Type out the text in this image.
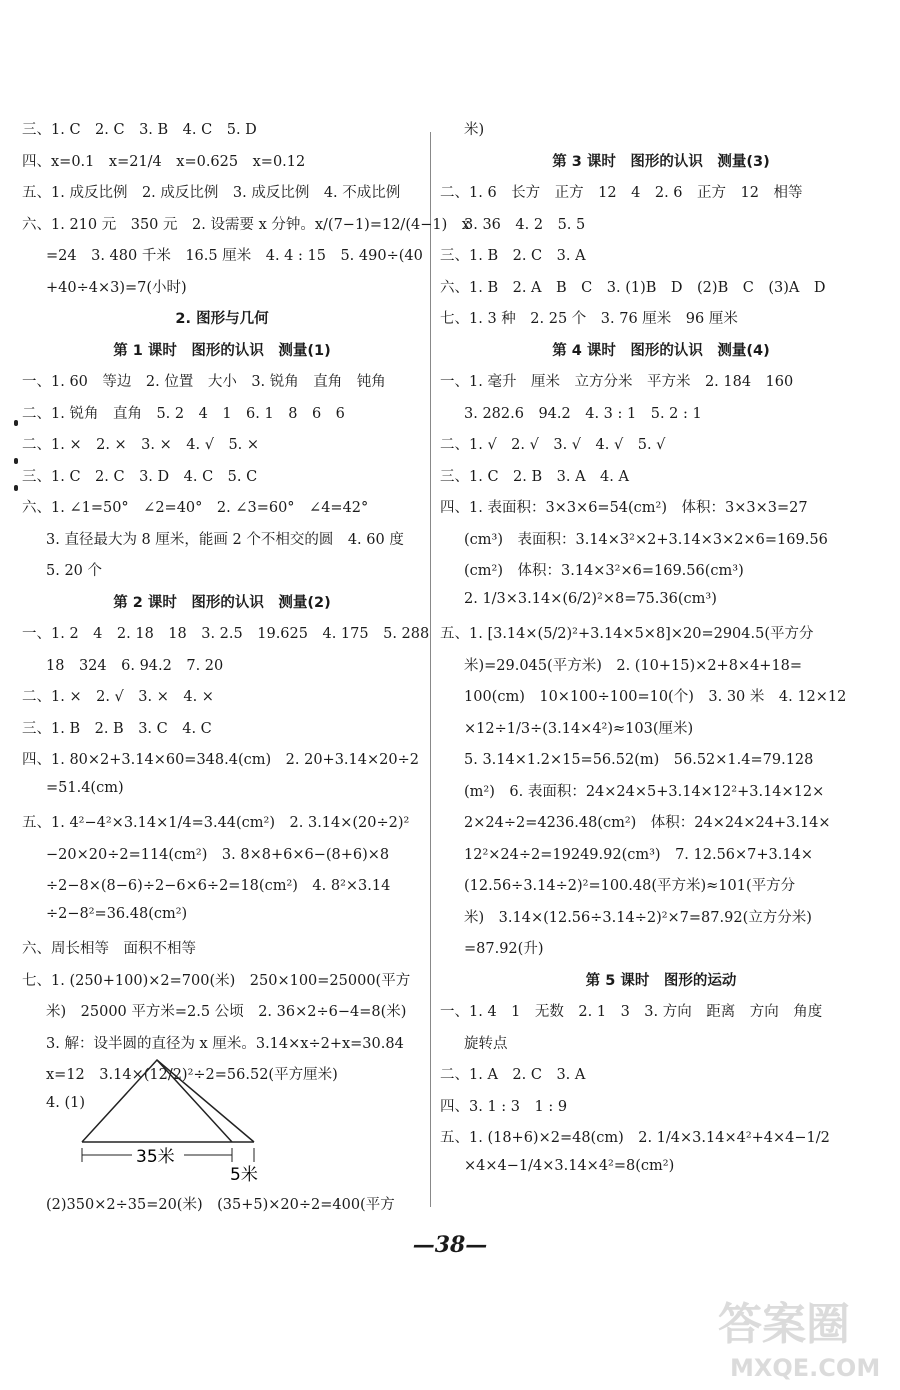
三、1. C　2. C　3. B　4. C　5. D
四、x=0.1　x=21/4　x=0.625　x=0.12
五、1. 成反比例　2. 成反比例　3. 成反比例　4. 不成比例
六、1. 210 元　350 元　2. 设需要 x 分钟。x/(7−1)=12/(4−1)　x
=24　3. 480 千米　16.5 厘米　4. 4 : 15　5. 490÷(40
+40÷4×3)=7(小时)
2. 图形与几何
第 1 课时　图形的认识　测量(1)
一、1. 60　等边　2. 位置　大小　3. 锐角　直角　钝角
二、1. 锐角　直角　5. 2　4　1　6. 1　8　6　6
二、1. ×　2. ×　3. ×　4. √　5. ×
三、1. C　2. C　3. D　4. C　5. C
六、1. ∠1=50°　∠2=40°　2. ∠3=60°　∠4=42°
3. 直径最大为 8 厘米，能画 2 个不相交的圆　4. 60 度
5. 20 个
第 2 课时　图形的认识　测量(2)
一、1. 2　4　2. 18　18　3. 2.5　19.625　4. 175　5. 288
18　324　6. 94.2　7. 20
二、1. ×　2. √　3. ×　4. ×
三、1. B　2. B　3. C　4. C
四、1. 80×2+3.14×60=348.4(cm)　2. 20+3.14×20÷2
=51.4(cm)
五、1. 4²−4²×3.14×1/4=3.44(cm²)　2. 3.14×(20÷2)²
−20×20÷2=114(cm²)　3. 8×8+6×6−(8+6)×8
÷2−8×(8−6)÷2−6×6÷2=18(cm²)　4. 8²×3.14
÷2−8²=36.48(cm²)
六、周长相等　面积不相等
七、1. (250+100)×2=700(米)　250×100=25000(平方
米)　25000 平方米=2.5 公顷　2. 36×2÷6−4=8(米)
3. 解：设半圆的直径为 x 厘米。3.14×x÷2+x=30.84
x=12　3.14×(12/2)²÷2=56.52(平方厘米)
4. (1)
(2)350×2÷35=20(米)　(35+5)×20÷2=400(平方
米)
第 3 课时　图形的认识　测量(3)
二、1. 6　长方　正方　12　4　2. 6　正方　12　相等
3. 36　4. 2　5. 5
三、1. B　2. C　3. A
六、1. B　2. A　B　C　3. (1)B　D　(2)B　C　(3)A　D
七、1. 3 种　2. 25 个　3. 76 厘米　96 厘米
第 4 课时　图形的认识　测量(4)
一、1. 毫升　厘米　立方分米　平方米　2. 184　160
3. 282.6　94.2　4. 3 : 1　5. 2 : 1
二、1. √　2. √　3. √　4. √　5. √
三、1. C　2. B　3. A　4. A
四、1. 表面积：3×3×6=54(cm²)　体积：3×3×3=27
(cm³)　表面积：3.14×3²×2+3.14×3×2×6=169.56
(cm²)　体积：3.14×3²×6=169.56(cm³)
2. 1/3×3.14×(6/2)²×8=75.36(cm³)
五、1. [3.14×(5/2)²+3.14×5×8]×20=2904.5(平方分
米)=29.045(平方米)　2. (10+15)×2+8×4+18=
100(cm)　10×100÷100=10(个)　3. 30 米　4. 12×12
×12÷1/3÷(3.14×4²)≈103(厘米)
5. 3.14×1.2×15=56.52(m)　56.52×1.4=79.128
(m²)　6. 表面积：24×24×5+3.14×12²+3.14×12×
2×24÷2=4236.48(cm²)　体积：24×24×24+3.14×
12²×24÷2=19249.92(cm³)　7. 12.56×7+3.14×
(12.56÷3.14÷2)²=100.48(平方米)≈101(平方分
米)　3.14×(12.56÷3.14÷2)²×7=87.92(立方分米)
=87.92(升)
第 5 课时　图形的运动
一、1. 4　1　无数　2. 1　3　3. 方向　距离　方向　角度
旋转点
二、1. A　2. C　3. A
四、3. 1 : 3　1 : 9
五、1. (18+6)×2=48(cm)　2. 1/4×3.14×4²+4×4−1/2
×4×4−1/4×3.14×4²=8(cm²)
35米
5米
—38—
答案圈
MXQE.COM
